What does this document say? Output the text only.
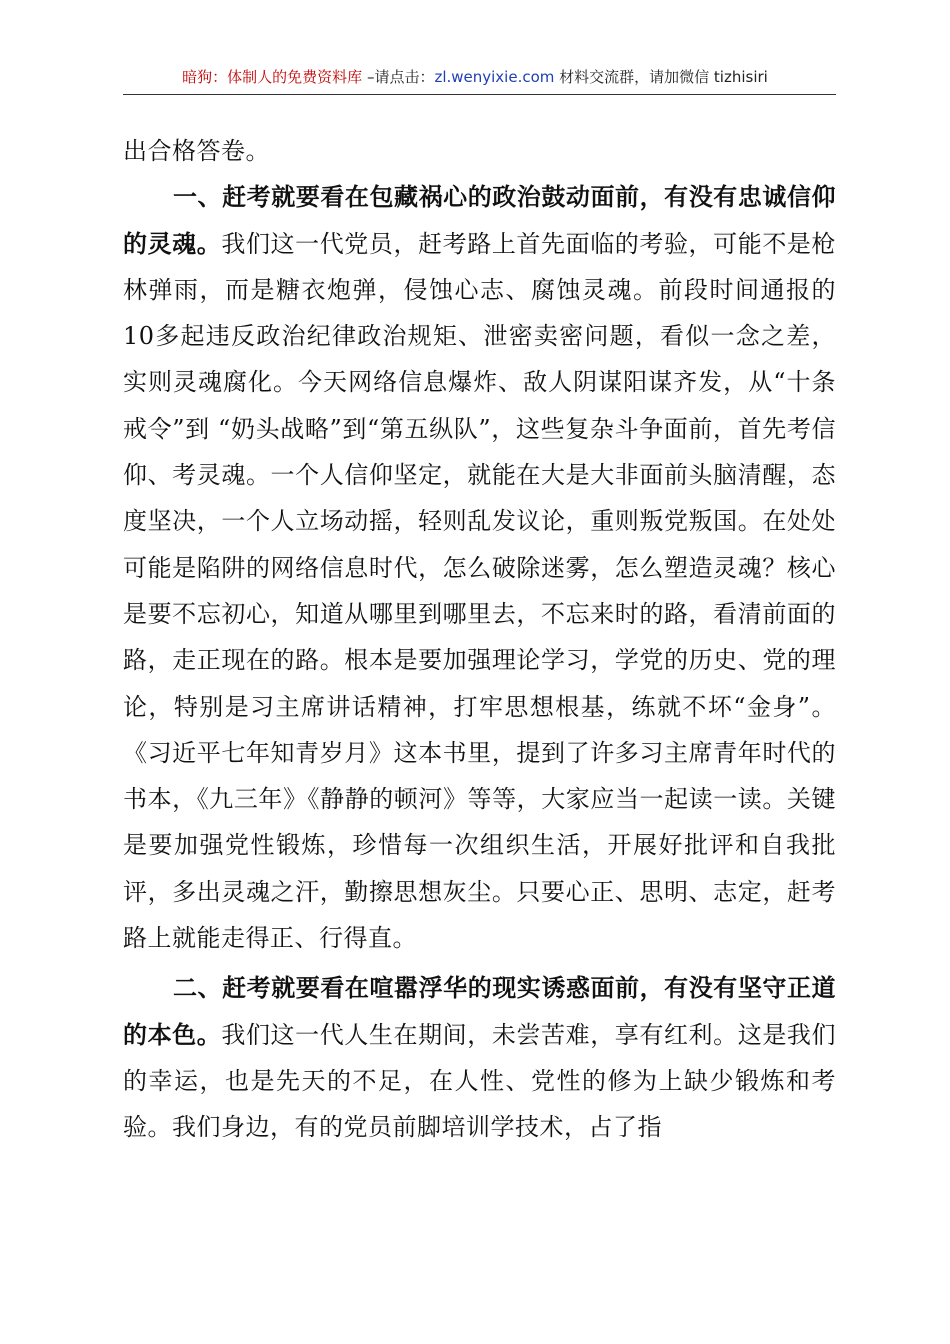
暗狗：体制人的免费资料库 –请点击：zl.wenyixie.com 材料交流群，请加微信 tizhisiri

出合格答卷。

一、赶考就要看在包藏祸心的政治鼓动面前，有没有忠诚信仰的灵魂。我们这一代党员，赶考路上首先面临的考验，可能不是枪林弹雨，而是糖衣炮弹，侵蚀心志、腐蚀灵魂。前段时间通报的10多起违反政治纪律政治规矩、泄密卖密问题，看似一念之差，实则灵魂腐化。今天网络信息爆炸、敌人阴谋阳谋齐发，从“十条戒令”到 “奶头战略”到“第五纵队”，这些复杂斗争面前，首先考信仰、考灵魂。一个人信仰坚定，就能在大是大非面前头脑清醒，态度坚决，一个人立场动摇，轻则乱发议论，重则叛党叛国。在处处可能是陷阱的网络信息时代，怎么破除迷雾，怎么塑造灵魂？核心是要不忘初心，知道从哪里到哪里去，不忘来时的路，看清前面的路，走正现在的路。根本是要加强理论学习，学党的历史、党的理论，特别是习主席讲话精神，打牢思想根基，练就不坏“金身”。《习近平七年知青岁月》这本书里，提到了许多习主席青年时代的书本，《九三年》《静静的顿河》等等，大家应当一起读一读。关键是要加强党性锻炼，珍惜每一次组织生活，开展好批评和自我批评，多出灵魂之汗，勤擦思想灰尘。只要心正、思明、志定，赶考路上就能走得正、行得直。

二、赶考就要看在喧嚣浮华的现实诱惑面前，有没有坚守正道的本色。我们这一代人生在期间，未尝苦难，享有红利。这是我们的幸运，也是先天的不足，在人性、党性的修为上缺少锻炼和考验。我们身边，有的党员前脚培训学技术，占了指
